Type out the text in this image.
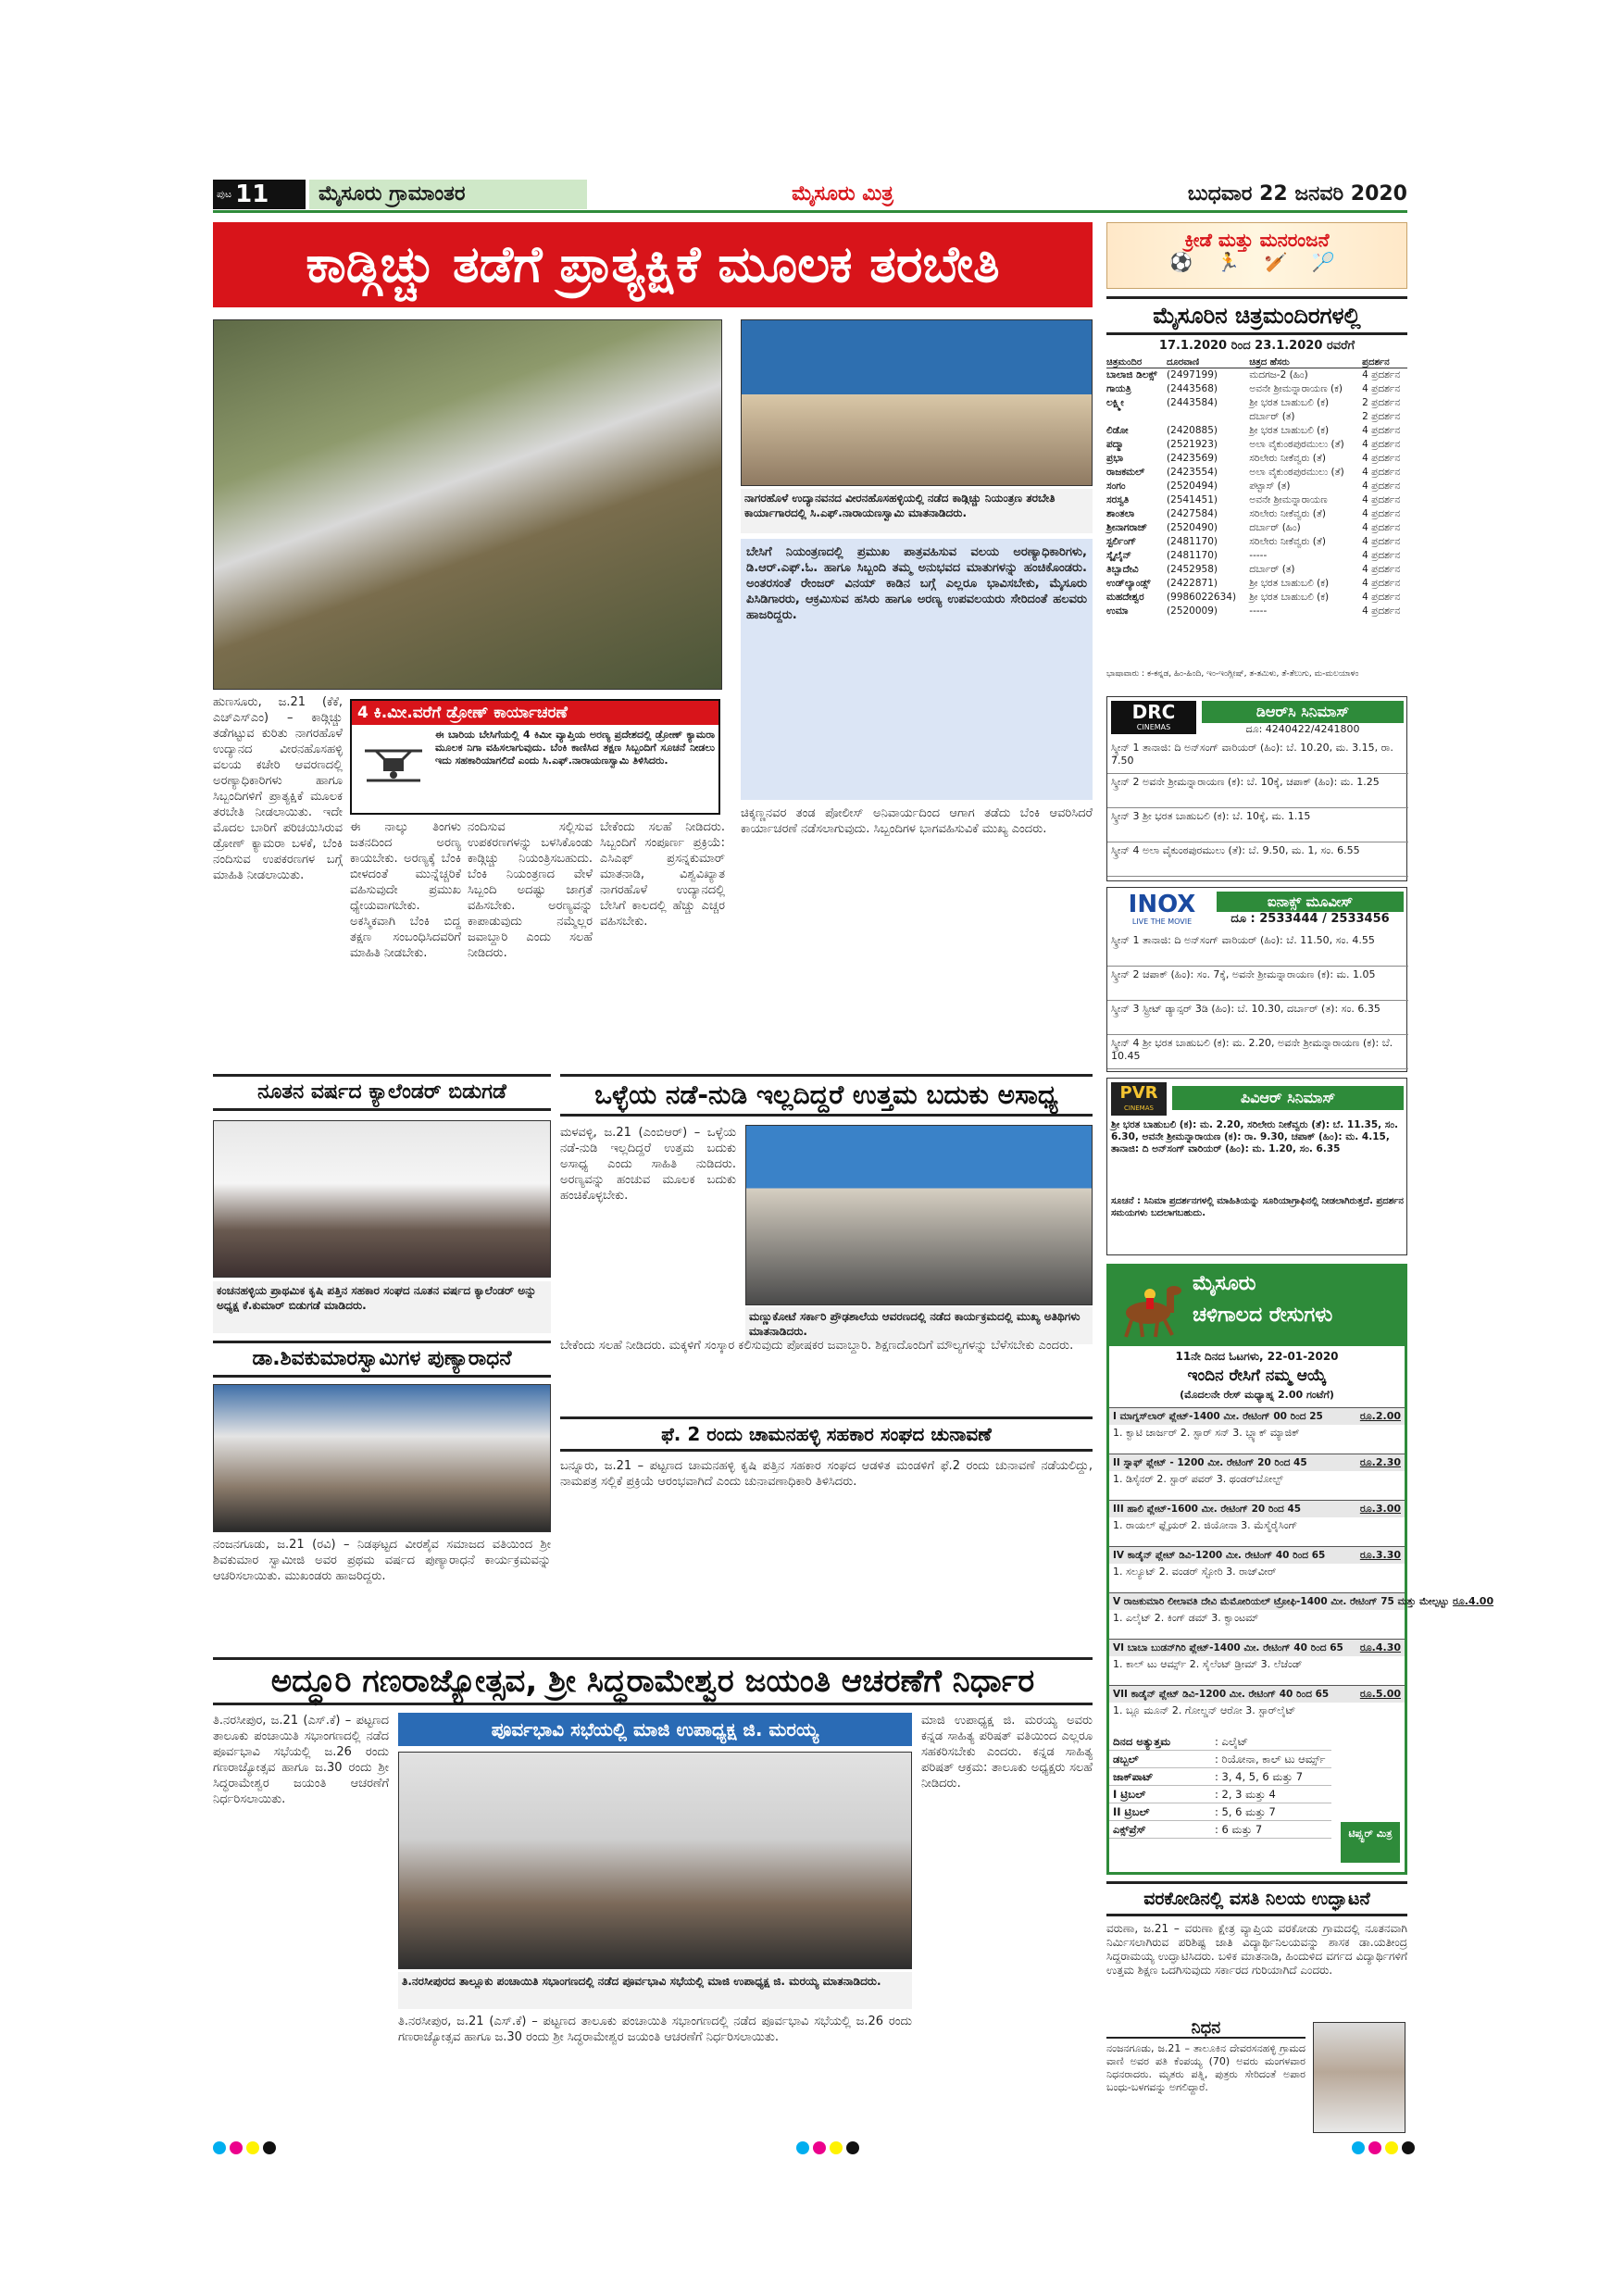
ಪುಟ 11	ಮೈಸೂರು ಗ್ರಾಮಾಂತರ	ಮೈಸೂರು ಮಿತ್ರ	ಬುಧವಾರ 22 ಜನವರಿ 2020
ಕಾಡ್ಗಿಚ್ಚು ತಡೆಗೆ ಪ್ರಾತ್ಯಕ್ಷಿಕೆ ಮೂಲಕ ತರಬೇತಿ
ನಾಗರಹೊಳೆ ಉದ್ಯಾನವನದ ವೀರನಹೊಸಹಳ್ಳಿಯಲ್ಲಿ ನಡೆದ ಕಾಡ್ಗಿಚ್ಚು ನಿಯಂತ್ರಣ ತರಬೇತಿ ಕಾರ್ಯಾಗಾರದಲ್ಲಿ ಸಿ.ಎಫ್.ನಾರಾಯಣಸ್ವಾಮಿ ಮಾತನಾಡಿದರು.
ಬೇಸಿಗೆ ನಿಯಂತ್ರಣದಲ್ಲಿ ಪ್ರಮುಖ ಪಾತ್ರವಹಿಸುವ ವಲಯ ಅರಣ್ಯಾಧಿಕಾರಿಗಳು, ಡಿ.ಆರ್.ಎಫ್.ಓ. ಹಾಗೂ ಸಿಬ್ಬಂದಿ ತಮ್ಮ ಅನುಭವದ ಮಾತುಗಳನ್ನು ಹಂಚಿಕೊಂಡರು. ಅಂತರಸಂತೆ ರೇಂಜರ್ ವಿನಯ್ ಕಾಡಿನ ಬಗ್ಗೆ ಎಲ್ಲರೂ ಭಾವಿಸಬೇಕು, ಮೈಸೂರು ಪಿಸಿಡಿಗಾರರು, ಆಕ್ರಮಿಸುವ ಹಸಿರು ಹಾಗೂ ಅರಣ್ಯ ಉಪವಲಯರು ಸೇರಿದಂತೆ ಹಲವರು ಹಾಜರಿದ್ದರು.
4 ಕಿ.ಮೀ.ವರೆಗೆ ಡ್ರೋಣ್ ಕಾರ್ಯಾಚರಣೆ
ಈ ಬಾರಿಯ ಬೇಸಿಗೆಯಲ್ಲಿ 4 ಕಿಮೀ ವ್ಯಾಪ್ತಿಯ ಅರಣ್ಯ ಪ್ರದೇಶದಲ್ಲಿ ಡ್ರೋಣ್ ಕ್ಯಾಮರಾ ಮೂಲಕ ನಿಗಾ ವಹಿಸಲಾಗುವುದು. ಬೆಂಕಿ ಕಾಣಿಸಿದ ತಕ್ಷಣ ಸಿಬ್ಬಂದಿಗೆ ಸೂಚನೆ ನೀಡಲು ಇದು ಸಹಕಾರಿಯಾಗಲಿದೆ ಎಂದು ಸಿ.ಎಫ್.ನಾರಾಯಣಸ್ವಾಮಿ ತಿಳಿಸಿದರು.
ಹುಣಸೂರು, ಜ.21 (ಕೆಕೆ, ಎಚ್‌ಎಸ್‌ಎಂ) – ಕಾಡ್ಗಿಚ್ಚು ತಡೆಗಟ್ಟುವ ಕುರಿತು ನಾಗರಹೊಳೆ ಉದ್ಯಾನದ ವೀರನಹೊಸಹಳ್ಳಿ ವಲಯ ಕಚೇರಿ ಆವರಣದಲ್ಲಿ ಅರಣ್ಯಾಧಿಕಾರಿಗಳು ಹಾಗೂ ಸಿಬ್ಬಂದಿಗಳಿಗೆ ಪ್ರಾತ್ಯಕ್ಷಿಕೆ ಮೂಲಕ ತರಬೇತಿ ನೀಡಲಾಯಿತು. ಇದೇ ಮೊದಲ ಬಾರಿಗೆ ಪರಿಚಯಿಸಿರುವ ಡ್ರೋಣ್ ಕ್ಯಾಮರಾ ಬಳಕೆ, ಬೆಂಕಿ ನಂದಿಸುವ ಉಪಕರಣಗಳ ಬಗ್ಗೆ ಮಾಹಿತಿ ನೀಡಲಾಯಿತು.
ಈ ನಾಲ್ಕು ತಿಂಗಳು ಜತನದಿಂದ ಅರಣ್ಯ ಕಾಯಬೇಕು. ಅರಣ್ಯಕ್ಕೆ ಬೆಂಕಿ ಬೀಳದಂತೆ ಮುನ್ನೆಚ್ಚರಿಕೆ ವಹಿಸುವುದೇ ಪ್ರಮುಖ ಧ್ಯೇಯವಾಗಬೇಕು. ಅಕಸ್ಮಿಕವಾಗಿ ಬೆಂಕಿ ಬಿದ್ದ ತಕ್ಷಣ ಸಂಬಂಧಿಸಿದವರಿಗೆ ಮಾಹಿತಿ ನೀಡಬೇಕು.
ನಂದಿಸುವ ಸಲ್ಲಿಸುವ ಉಪಕರಣಗಳನ್ನು ಬಳಸಿಕೊಂಡು ಕಾಡ್ಗಿಚ್ಚು ನಿಯಂತ್ರಿಸಬಹುದು. ಬೆಂಕಿ ನಿಯಂತ್ರಣದ ವೇಳೆ ಸಿಬ್ಬಂದಿ ಅದಷ್ಟು ಜಾಗ್ರತೆ ವಹಿಸಬೇಕು. ಅರಣ್ಯವನ್ನು ಕಾಪಾಡುವುದು ನಮ್ಮೆಲ್ಲರ ಜವಾಬ್ದಾರಿ ಎಂದು ಸಲಹೆ ನೀಡಿದರು.
ಬೇಕೆಂದು ಸಲಹೆ ನೀಡಿದರು. ಸಿಬ್ಬಂದಿಗೆ ಸಂಪೂರ್ಣ ಪ್ರಕ್ರಿಯೆ: ಎಸಿಎಫ್ ಪ್ರಸನ್ನಕುಮಾರ್ ಮಾತನಾಡಿ, ವಿಶ್ವವಿಖ್ಯಾತ ನಾಗರಹೊಳೆ ಉದ್ಯಾನದಲ್ಲಿ ಬೇಸಿಗೆ ಕಾಲದಲ್ಲಿ ಹೆಚ್ಚು ಎಚ್ಚರ ವಹಿಸಬೇಕು.
ಚಿಕ್ಕಣ್ಣನವರ ತಂಡ ಪೋಲೀಸ್ ಅನಿವಾರ್ಯದಿಂದ ಆಗಾಗ ತಡೆದು ಬೆಂಕಿ ಆವರಿಸಿದರೆ ಕಾರ್ಯಾಚರಣೆ ನಡೆಸಲಾಗುವುದು. ಸಿಬ್ಬಂದಿಗಳ ಭಾಗವಹಿಸುವಿಕೆ ಮುಖ್ಯ ಎಂದರು.
ನೂತನ ವರ್ಷದ ಕ್ಯಾಲೆಂಡರ್ ಬಿಡುಗಡೆ
ಕಂಚನಹಳ್ಳಿಯ ಪ್ರಾಥಮಿಕ ಕೃಷಿ ಪತ್ತಿನ ಸಹಕಾರ ಸಂಘದ ನೂತನ ವರ್ಷದ ಕ್ಯಾಲೆಂಡರ್ ಅನ್ನು ಅಧ್ಯಕ್ಷ ಕೆ.ಕುಮಾರ್ ಬಿಡುಗಡೆ ಮಾಡಿದರು.
ಡಾ.ಶಿವಕುಮಾರಸ್ವಾಮಿಗಳ ಪುಣ್ಯಾರಾಧನೆ
ನಂಜನಗೂಡು, ಜ.21 (ರವಿ) – ನಿಡಘಟ್ಟದ ವೀರಶೈವ ಸಮಾಜದ ವತಿಯಿಂದ ಶ್ರೀ ಶಿವಕುಮಾರ ಸ್ವಾಮೀಜಿ ಅವರ ಪ್ರಥಮ ವರ್ಷದ ಪುಣ್ಯಾರಾಧನೆ ಕಾರ್ಯಕ್ರಮವನ್ನು ಆಚರಿಸಲಾಯಿತು. ಮುಖಂಡರು ಹಾಜರಿದ್ದರು.
ಒಳ್ಳೆಯ ನಡೆ-ನುಡಿ ಇಲ್ಲದಿದ್ದರೆ ಉತ್ತಮ ಬದುಕು ಅಸಾಧ್ಯ
ಮಳವಳ್ಳಿ, ಜ.21 (ಎಂಬಿಆರ್) – ಒಳ್ಳೆಯ ನಡೆ-ನುಡಿ ಇಲ್ಲದಿದ್ದರೆ ಉತ್ತಮ ಬದುಕು ಅಸಾಧ್ಯ ಎಂದು ಸಾಹಿತಿ ನುಡಿದರು. ಅರಣ್ಯವನ್ನು ಹಂಚುವ ಮೂಲಕ ಬದುಕು ಹಂಚಿಕೊಳ್ಳಬೇಕು.
ಮಣ್ಣುಕೋಟೆ ಸರ್ಕಾರಿ ಪ್ರೌಢಶಾಲೆಯ ಆವರಣದಲ್ಲಿ ನಡೆದ ಕಾರ್ಯಕ್ರಮದಲ್ಲಿ ಮುಖ್ಯ ಅತಿಥಿಗಳು ಮಾತನಾಡಿದರು.
ಬೇಕೆಂದು ಸಲಹೆ ನೀಡಿದರು. ಮಕ್ಕಳಿಗೆ ಸಂಸ್ಕಾರ ಕಲಿಸುವುದು ಪೋಷಕರ ಜವಾಬ್ದಾರಿ. ಶಿಕ್ಷಣದೊಂದಿಗೆ ಮೌಲ್ಯಗಳನ್ನು ಬೆಳೆಸಬೇಕು ಎಂದರು.
ಫೆ. 2 ರಂದು ಚಾಮನಹಳ್ಳಿ ಸಹಕಾರ ಸಂಘದ ಚುನಾವಣೆ
ಬನ್ನೂರು, ಜ.21 – ಪಟ್ಟಣದ ಚಾಮನಹಳ್ಳಿ ಕೃಷಿ ಪತ್ತಿನ ಸಹಕಾರ ಸಂಘದ ಆಡಳಿತ ಮಂಡಳಿಗೆ ಫೆ.2 ರಂದು ಚುನಾವಣೆ ನಡೆಯಲಿದ್ದು, ನಾಮಪತ್ರ ಸಲ್ಲಿಕೆ ಪ್ರಕ್ರಿಯೆ ಆರಂಭವಾಗಿದೆ ಎಂದು ಚುನಾವಣಾಧಿಕಾರಿ ತಿಳಿಸಿದರು.
ಅದ್ಧೂರಿ ಗಣರಾಜ್ಯೋತ್ಸವ, ಶ್ರೀ ಸಿದ್ಧರಾಮೇಶ್ವರ ಜಯಂತಿ ಆಚರಣೆಗೆ ನಿರ್ಧಾರ
ತಿ.ನರಸೀಪುರ, ಜ.21 (ಎಸ್.ಕೆ) – ಪಟ್ಟಣದ ತಾಲೂಕು ಪಂಚಾಯಿತಿ ಸಭಾಂಗಣದಲ್ಲಿ ನಡೆದ ಪೂರ್ವಭಾವಿ ಸಭೆಯಲ್ಲಿ ಜ.26 ರಂದು ಗಣರಾಜ್ಯೋತ್ಸವ ಹಾಗೂ ಜ.30 ರಂದು ಶ್ರೀ ಸಿದ್ಧರಾಮೇಶ್ವರ ಜಯಂತಿ ಆಚರಣೆಗೆ ನಿರ್ಧರಿಸಲಾಯಿತು.
ಪೂರ್ವಭಾವಿ ಸಭೆಯಲ್ಲಿ ಮಾಜಿ ಉಪಾಧ್ಯಕ್ಷ ಜಿ. ಮರಯ್ಯ
ತಿ.ನರಸೀಪುರದ ತಾಲ್ಲೂಕು ಪಂಚಾಯಿತಿ ಸಭಾಂಗಣದಲ್ಲಿ ನಡೆದ ಪೂರ್ವಭಾವಿ ಸಭೆಯಲ್ಲಿ ಮಾಜಿ ಉಪಾಧ್ಯಕ್ಷ ಜಿ. ಮರಯ್ಯ ಮಾತನಾಡಿದರು.
ಮಾಜಿ ಉಪಾಧ್ಯಕ್ಷ ಜಿ. ಮರಯ್ಯ ಅವರು ಕನ್ನಡ ಸಾಹಿತ್ಯ ಪರಿಷತ್ ವತಿಯಿಂದ ಎಲ್ಲರೂ ಸಹಕರಿಸಬೇಕು ಎಂದರು. ಕನ್ನಡ ಸಾಹಿತ್ಯ ಪರಿಷತ್ ಆಕ್ರಮ: ತಾಲೂಕು ಅಧ್ಯಕ್ಷರು ಸಲಹೆ ನೀಡಿದರು.
ತಿ.ನರಸೀಪುರ, ಜ.21 (ಎಸ್.ಕೆ) – ಪಟ್ಟಣದ ತಾಲೂಕು ಪಂಚಾಯಿತಿ ಸಭಾಂಗಣದಲ್ಲಿ ನಡೆದ ಪೂರ್ವಭಾವಿ ಸಭೆಯಲ್ಲಿ ಜ.26 ರಂದು ಗಣರಾಜ್ಯೋತ್ಸವ ಹಾಗೂ ಜ.30 ರಂದು ಶ್ರೀ ಸಿದ್ಧರಾಮೇಶ್ವರ ಜಯಂತಿ ಆಚರಣೆಗೆ ನಿರ್ಧರಿಸಲಾಯಿತು.
ಕ್ರೀಡೆ ಮತ್ತು ಮನರಂಜನೆ
⚽ 🏃 🏏 🏸
ಮೈಸೂರಿನ ಚಿತ್ರಮಂದಿರಗಳಲ್ಲಿ
17.1.2020 ರಿಂದ 23.1.2020 ರವರೆಗೆ
ಚಿತ್ರಮಂದಿರ	ದೂರವಾಣಿ	ಚಿತ್ರದ ಹೆಸರು	ಪ್ರದರ್ಶನ
ಬಾಲಾಜಿ ಡಿಲಕ್ಸ್	(2497199)	ಮದಗಜ-2 (ಹಿಂ)	4 ಪ್ರದರ್ಶನ
ಗಾಯತ್ರಿ	(2443568)	ಅವನೇ ಶ್ರೀಮನ್ನಾರಾಯಣ (ಕ)	4 ಪ್ರದರ್ಶನ
ಲಕ್ಷ್ಮೀ	(2443584)	ಶ್ರೀ ಭರತ ಬಾಹುಬಲಿ (ಕ)	2 ಪ್ರದರ್ಶನ
		ದರ್ಬಾರ್ (ತ)	2 ಪ್ರದರ್ಶನ
ಲಿಡೋ	(2420885)	ಶ್ರೀ ಭರತ ಬಾಹುಬಲಿ (ಕ)	4 ಪ್ರದರ್ಶನ
ಪದ್ಮಾ	(2521923)	ಅಲಾ ವೈಕುಂಠಪುರಮುಲು (ತೆ)	4 ಪ್ರದರ್ಶನ
ಪ್ರಭಾ	(2423569)	ಸರಿಲೇರು ನೀಕೆವ್ವರು (ತೆ)	4 ಪ್ರದರ್ಶನ
ರಾಜಕಮಲ್	(2423554)	ಅಲಾ ವೈಕುಂಠಪುರಮುಲು (ತೆ)	4 ಪ್ರದರ್ಶನ
ಸಂಗಂ	(2520494)	ಪಟ್ಟಾಸ್ (ತ)	4 ಪ್ರದರ್ಶನ
ಸರಸ್ವತಿ	(2541451)	ಅವನೇ ಶ್ರೀಮನ್ನಾರಾಯಣ	4 ಪ್ರದರ್ಶನ
ಶಾಂತಲಾ	(2427584)	ಸರಿಲೇರು ನೀಕೆವ್ವರು (ತೆ)	4 ಪ್ರದರ್ಶನ
ಶ್ರೀನಾಗರಾಜ್	(2520490)	ದರ್ಬಾರ್ (ಹಿಂ)	4 ಪ್ರದರ್ಶನ
ಸ್ಟರ್ಲಿಂಗ್	(2481170)	ಸರಿಲೇರು ನೀಕೆವ್ವರು (ತೆ)	4 ಪ್ರದರ್ಶನ
ಸ್ಕೈಲೈನ್	(2481170)	-----	4 ಪ್ರದರ್ಶನ
ತಿಬ್ಬಾದೇವಿ	(2452958)	ದರ್ಬಾರ್ (ತ)	4 ಪ್ರದರ್ಶನ
ಉಡ್‌ಲ್ಯಾಂಡ್ಸ್	(2422871)	ಶ್ರೀ ಭರತ ಬಾಹುಬಲಿ (ಕ)	4 ಪ್ರದರ್ಶನ
ಮಹದೇಶ್ವರ	(9986022634)	ಶ್ರೀ ಭರತ ಬಾಹುಬಲಿ (ಕ)	4 ಪ್ರದರ್ಶನ
ಉಮಾ	(2520009)	-----	4 ಪ್ರದರ್ಶನ
ಭಾಷಾವಾರು : ಕ-ಕನ್ನಡ, ಹಿಂ-ಹಿಂದಿ, ಇಂ-ಇಂಗ್ಲೀಷ್, ತ-ತಮಿಳು, ತೆ-ತೆಲುಗು, ಮ-ಮಲಯಾಳಂ
DRC
CINEMAS
ಡಿಆರ್‌ಸಿ ಸಿನಿಮಾಸ್
ದೂ: 4240422/4241800
ಸ್ಕ್ರೀನ್ 1 ತಾನಾಜಿ: ದಿ ಅನ್‌ಸಂಗ್ ವಾರಿಯರ್ (ಹಿಂ): ಬೆ. 10.20, ಮ. 3.15, ರಾ. 7.50
ಸ್ಕ್ರೀನ್ 2 ಅವನೇ ಶ್ರೀಮನ್ನಾರಾಯಣ (ಕ): ಬೆ. 10ಕ್ಕೆ, ಚಪಾಕ್ (ಹಿಂ): ಮ. 1.25
ಸ್ಕ್ರೀನ್ 3 ಶ್ರೀ ಭರತ ಬಾಹುಬಲಿ (ಕ): ಬೆ. 10ಕ್ಕೆ, ಮ. 1.15
ಸ್ಕ್ರೀನ್ 4 ಅಲಾ ವೈಕುಂಠಪುರಮುಲು (ತೆ): ಬೆ. 9.50, ಮ. 1, ಸಂ. 6.55
INOX
LIVE THE MOVIE
ಐನಾಕ್ಸ್ ಮೂವೀಸ್
ದೂ : 2533444 / 2533456
ಸ್ಕ್ರೀನ್ 1 ತಾನಾಜಿ: ದಿ ಅನ್‌ಸಂಗ್ ವಾರಿಯರ್ (ಹಿಂ): ಬೆ. 11.50, ಸಂ. 4.55
ಸ್ಕ್ರೀನ್ 2 ಚಪಾಕ್ (ಹಿಂ): ಸಂ. 7ಕ್ಕೆ, ಅವನೇ ಶ್ರೀಮನ್ನಾರಾಯಣ (ಕ): ಮ. 1.05
ಸ್ಕ್ರೀನ್ 3 ಸ್ಟ್ರೀಟ್ ಡ್ಯಾನ್ಸರ್ 3ಡಿ (ಹಿಂ): ಬೆ. 10.30, ದರ್ಬಾರ್ (ತ): ಸಂ. 6.35
ಸ್ಕ್ರೀನ್ 4 ಶ್ರೀ ಭರತ ಬಾಹುಬಲಿ (ಕ): ಮ. 2.20, ಅವನೇ ಶ್ರೀಮನ್ನಾರಾಯಣ (ಕ): ಬೆ. 10.45
PVR
CINEMAS
ಪಿವಿಆರ್ ಸಿನಿಮಾಸ್
ಶ್ರೀ ಭರತ ಬಾಹುಬಲಿ (ಕ): ಮ. 2.20, ಸರಿಲೇರು ನೀಕೆವ್ವರು (ತೆ): ಬೆ. 11.35, ಸಂ. 6.30, ಅವನೇ ಶ್ರೀಮನ್ನಾರಾಯಣ (ಕ): ರಾ. 9.30, ಚಪಾಕ್ (ಹಿಂ): ಮ. 4.15, ತಾನಾಜಿ: ದಿ ಅನ್‌ಸಂಗ್ ವಾರಿಯರ್ (ಹಿಂ): ಮ. 1.20, ಸಂ. 6.35
ಸೂಚನೆ : ಸಿನಿಮಾ ಪ್ರದರ್ಶನಗಳಲ್ಲಿ ಮಾಹಿತಿಯನ್ನು ಸೂರಿಯಾಗ್ರಾಫಿನಲ್ಲಿ ನೀಡಲಾಗಿರುತ್ತದೆ. ಪ್ರದರ್ಶನ ಸಮಯಗಳು ಬದಲಾಗಬಹುದು.
ಮೈಸೂರು
ಚಳಿಗಾಲದ ರೇಸುಗಳು
11ನೇ ದಿನದ ಓಟಗಳು, 22-01-2020
ಇಂದಿನ ರೇಸಿಗೆ ನಮ್ಮ ಆಯ್ಕೆ
(ಮೊದಲನೇ ರೇಸ್ ಮಧ್ಯಾಹ್ನ 2.00 ಗಂಟೆಗೆ)
I ಮಾಗ್ನಸ್‌ಲಾರ್ ಪ್ಲೇಟ್-1400 ಮೀ. ರೇಟಿಂಗ್ 00 ರಿಂದ 25	ರೂ.2.00
1. ಕ್ವಾಟಿ ಚಾರ್ಜರ್ 2. ಸ್ಟಾರ್ ಸನ್ 3. ಬ್ಲ್ಯಾಕ್ ಮ್ಯಾಜಿಕ್
II ಸ್ನಾಫ್ ಪ್ಲೇಟ್ - 1200 ಮೀ. ರೇಟಿಂಗ್ 20 ರಿಂದ 45	ರೂ.2.30
1. ಡಿಸೈನರ್ 2. ಸ್ಟಾರ್ ಪವರ್ 3. ಥಂಡರ್‌ಬೋಲ್ಟ್
III ಹಾಲಿ ಪ್ಲೇಟ್-1600 ಮೀ. ರೇಟಿಂಗ್ 20 ರಿಂದ 45	ರೂ.3.00
1. ರಾಯಲ್ ಫ್ಲೈಯರ್ 2. ಜಿಯೋನಾ 3. ಮೆಸ್ಮೆರೈಸಿಂಗ್
IV ಕಾಡೈನ್ ಪ್ಲೇಟ್ ಡಿವಿ-1200 ಮೀ. ರೇಟಿಂಗ್ 40 ರಿಂದ 65	ರೂ.3.30
1. ಸಲ್ಯೂಟ್ 2. ವಂಡರ್ ಸ್ಟೋರಿ 3. ರಾಜ್‌ವೀರ್
V ರಾಜಕುಮಾರಿ ಲೀಲಾವತಿ ದೇವಿ ಮೆಮೋರಿಯಲ್ ಟ್ರೋಫಿ-1400 ಮೀ. ರೇಟಿಂಗ್ 75 ಮತ್ತು ಮೇಲ್ಪಟ್ಟು ರೂ.4.00
1. ಎಲೈಟ್ 2. ಕಿಂಗ್ ಡಮ್ 3. ಕ್ವಾಂಟಮ್
VI ಬಾಬಾ ಬುಡನ್‌ಗಿರಿ ಪ್ಲೇಟ್-1400 ಮೀ. ರೇಟಿಂಗ್ 40 ರಿಂದ 65 ರೂ.4.30
1. ಕಾಲ್ ಟು ಆರ್ಮ್ಸ್ 2. ಸೈಲೆಂಟ್ ಡ್ರೀಮ್ 3. ಲೆಜೆಂಡ್
VII ಕಾಡೈನ್ ಪ್ಲೇಟ್ ಡಿವಿ-1200 ಮೀ. ರೇಟಿಂಗ್ 40 ರಿಂದ 65	ರೂ.5.00
1. ಬ್ಲೂ ಮೂನ್ 2. ಗೋಲ್ಡನ್ ಆರೋ 3. ಸ್ಟಾರ್‌ಲೈಟ್
ದಿನದ ಅತ್ಯುತ್ತಮ	: ಎಲೈಟ್
ಡಬ್ಬಲ್	: ರಿಯೋನಾ, ಕಾಲ್ ಟು ಆರ್ಮ್ಸ್
ಜಾಕ್‌ಪಾಟ್	: 3, 4, 5, 6 ಮತ್ತು 7
I ಟ್ರಿಬಲ್	: 2, 3 ಮತ್ತು 4
II ಟ್ರಿಬಲ್	: 5, 6 ಮತ್ತು 7
ಎಕ್ಸ್‌ಪ್ರೆಸ್	: 6 ಮತ್ತು 7	ಟಿಪ್ಸ್ಟರ್ ಮಿತ್ರ
ವರಕೋಡಿನಲ್ಲಿ ವಸತಿ ನಿಲಯ ಉದ್ಘಾಟನೆ
ವರುಣಾ, ಜ.21 – ವರುಣಾ ಕ್ಷೇತ್ರ ವ್ಯಾಪ್ತಿಯ ವರಕೋಡು ಗ್ರಾಮದಲ್ಲಿ ನೂತನವಾಗಿ ನಿರ್ಮಿಸಲಾಗಿರುವ ಪರಿಶಿಷ್ಟ ಜಾತಿ ವಿದ್ಯಾರ್ಥಿನಿಲಯವನ್ನು ಶಾಸಕ ಡಾ.ಯತೀಂದ್ರ ಸಿದ್ದರಾಮಯ್ಯ ಉದ್ಘಾಟಿಸಿದರು. ಬಳಿಕ ಮಾತನಾಡಿ, ಹಿಂದುಳಿದ ವರ್ಗದ ವಿದ್ಯಾರ್ಥಿಗಳಿಗೆ ಉತ್ತಮ ಶಿಕ್ಷಣ ಒದಗಿಸುವುದು ಸರ್ಕಾರದ ಗುರಿಯಾಗಿದೆ ಎಂದರು.
ನಿಧನ
ನಂಜನಗೂಡು, ಜ.21 – ತಾಲೂಕಿನ ದೇವರಸನಹಳ್ಳಿ ಗ್ರಾಮದ ವಾಣಿ ಅವರ ಪತಿ ಕೆಂಪಯ್ಯ (70) ಅವರು ಮಂಗಳವಾರ ನಿಧನರಾದರು. ಮೃತರು ಪತ್ನಿ, ಪುತ್ರರು ಸೇರಿದಂತೆ ಅಪಾರ ಬಂಧು-ಬಳಗವನ್ನು ಅಗಲಿದ್ದಾರೆ.
